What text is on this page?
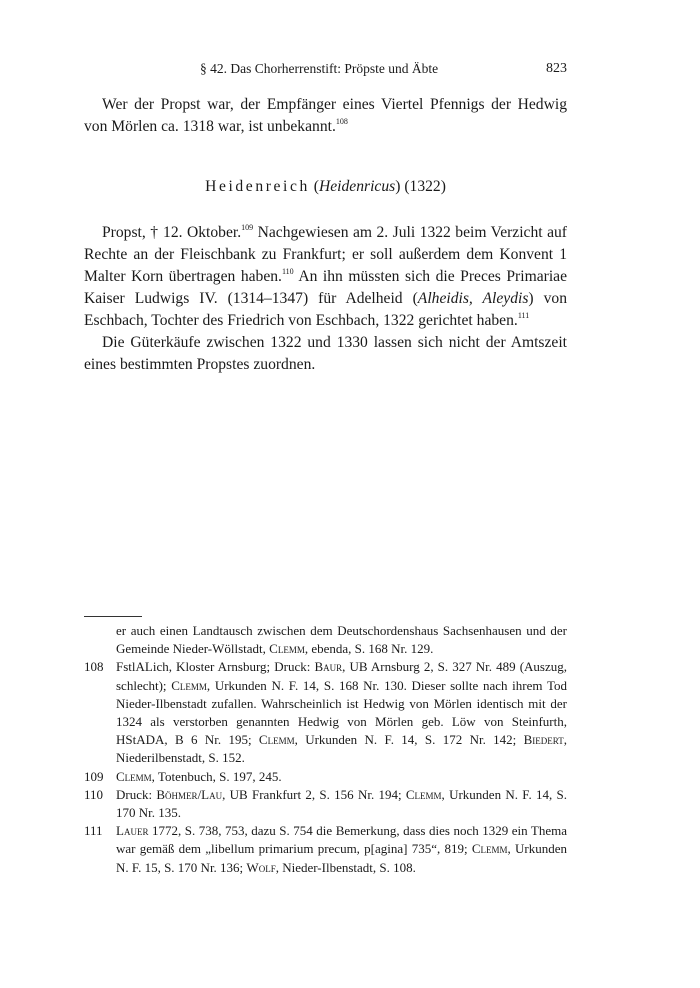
§ 42. Das Chorherrenstift: Pröpste und Äbte	823

Wer der Propst war, der Empfänger eines Viertel Pfennigs der Hedwig von Mörlen ca. 1318 war, ist unbekannt.$^{108}$

Heidenreich (Heidenricus) (1322)

Propst, † 12. Oktober.$^{109}$ Nachgewiesen am 2. Juli 1322 beim Verzicht auf Rechte an der Fleischbank zu Frankfurt; er soll außerdem dem Konvent 1 Malter Korn übertragen haben.$^{110}$ An ihn müssten sich die Preces Primariae Kaiser Ludwigs IV. (1314–1347) für Adelheid (Alheidis, Aleydis) von Eschbach, Tochter des Friedrich von Eschbach, 1322 gerichtet haben.$^{111}$

Die Güterkäufe zwischen 1322 und 1330 lassen sich nicht der Amtszeit eines bestimmten Propstes zuordnen.

er auch einen Landtausch zwischen dem Deutschordenshaus Sachsenhausen und der Gemeinde Nieder-Wöllstadt, Clemm, ebenda, S. 168 Nr. 129.
108 FstlALich, Kloster Arnsburg; Druck: Baur, UB Arnsburg 2, S. 327 Nr. 489 (Auszug, schlecht); Clemm, Urkunden N. F. 14, S. 168 Nr. 130. Dieser sollte nach ihrem Tod Nieder-Ilbenstadt zufallen. Wahrscheinlich ist Hedwig von Mörlen identisch mit der 1324 als verstorben genannten Hedwig von Mörlen geb. Löw von Steinfurth, HStADA, B 6 Nr. 195; Clemm, Urkunden N. F. 14, S. 172 Nr. 142; Biedert, Niederilbenstadt, S. 152.
109 Clemm, Totenbuch, S. 197, 245.
110 Druck: Böhmer/Lau, UB Frankfurt 2, S. 156 Nr. 194; Clemm, Urkunden N. F. 14, S. 170 Nr. 135.
111	Lauer 1772, S. 738, 753, dazu S. 754 die Bemerkung, dass dies noch 1329 ein Thema war gemäß dem „libellum primarium precum, p[agina] 735“, 819; Clemm, Urkunden N. F. 15, S. 170 Nr. 136; Wolf, Nieder-Ilbenstadt, S. 108.
